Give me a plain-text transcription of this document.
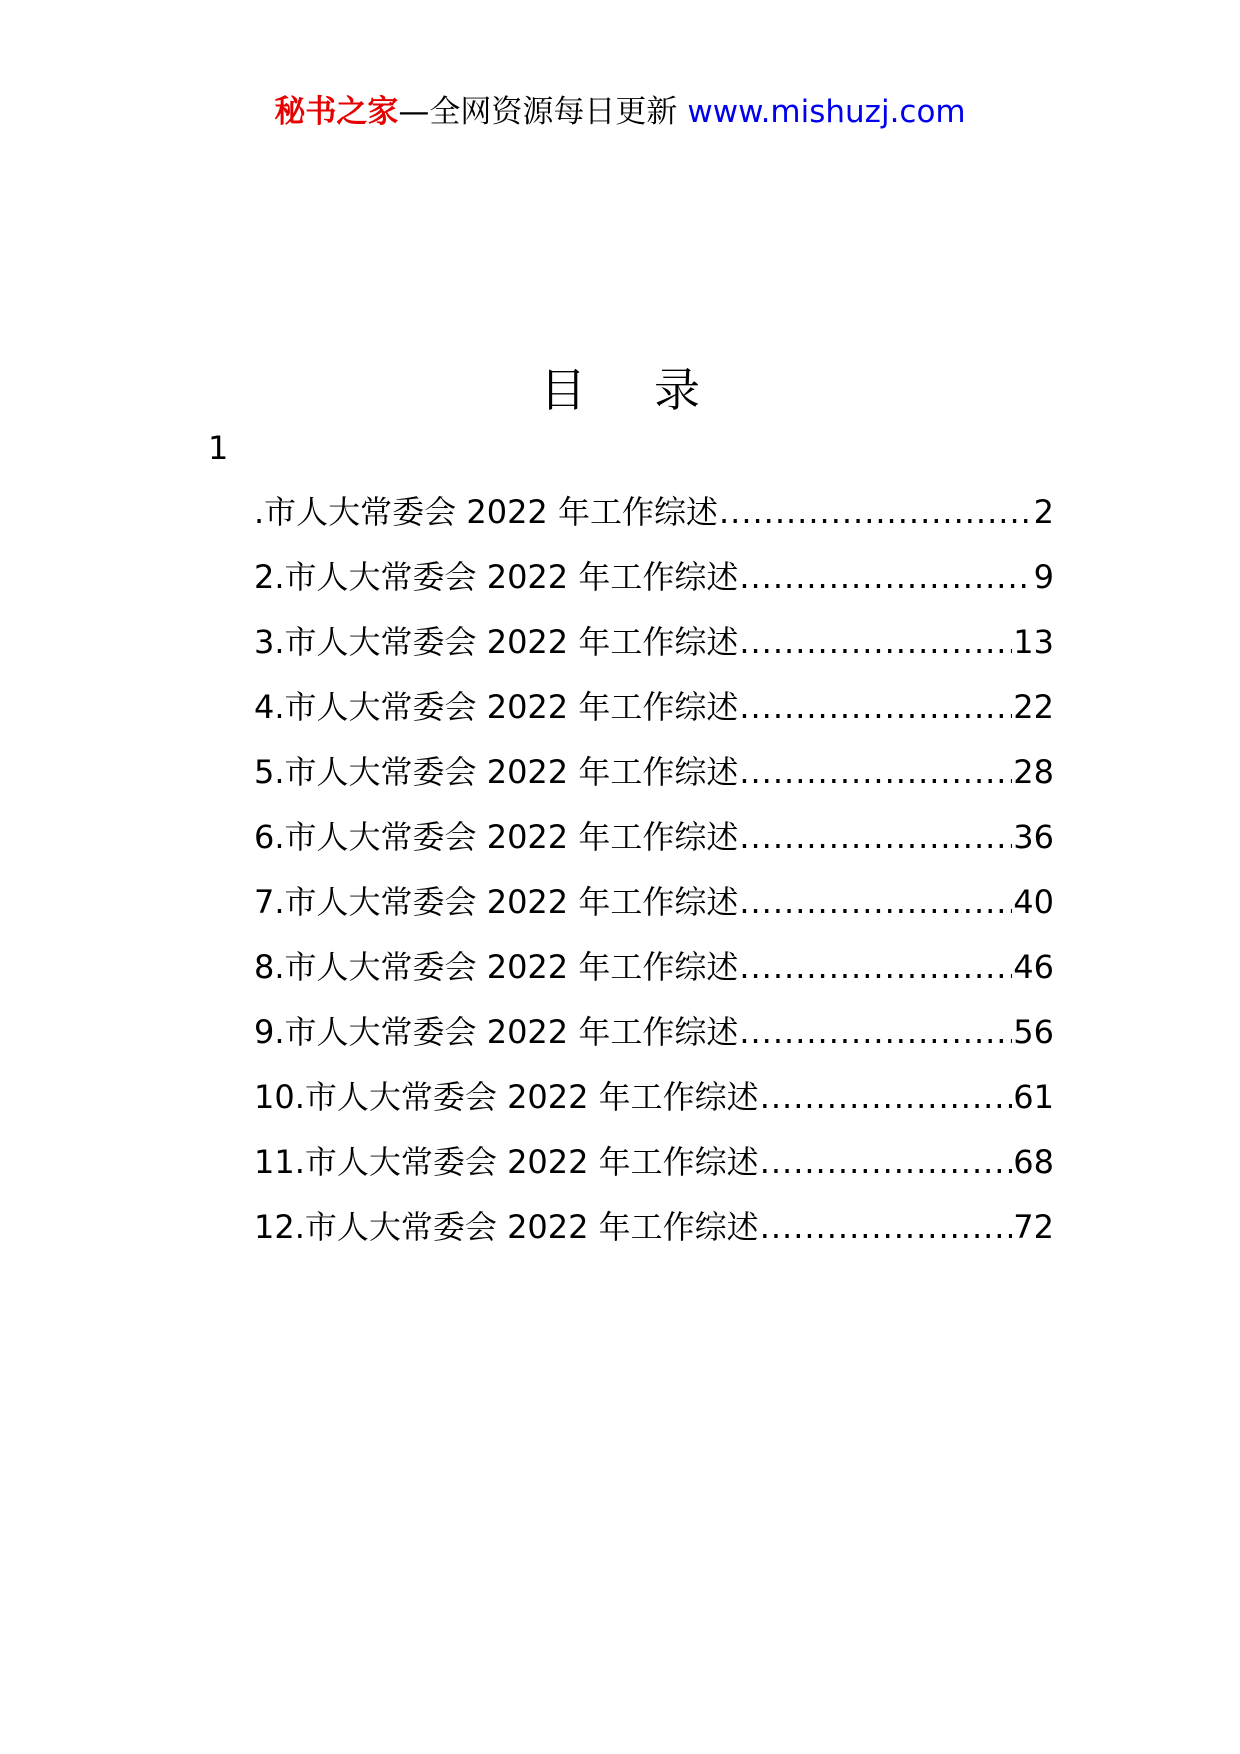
秘书之家—全网资源每日更新 www.mishuzj.com
目 录
1
.市人大常委会 2022 年工作综述 .....	2
2.市人大常委会 2022 年工作综述 .....	9
3.市人大常委会 2022 年工作综述 .....	13
4.市人大常委会 2022 年工作综述 .....	22
5.市人大常委会 2022 年工作综述 .....	28
6.市人大常委会 2022 年工作综述 .....	36
7.市人大常委会 2022 年工作综述 .....	40
8.市人大常委会 2022 年工作综述 .....	46
9.市人大常委会 2022 年工作综述 .....	56
10.市人大常委会 2022 年工作综述 .....	61
11.市人大常委会 2022 年工作综述 .....	68
12.市人大常委会 2022 年工作综述 .....	72
